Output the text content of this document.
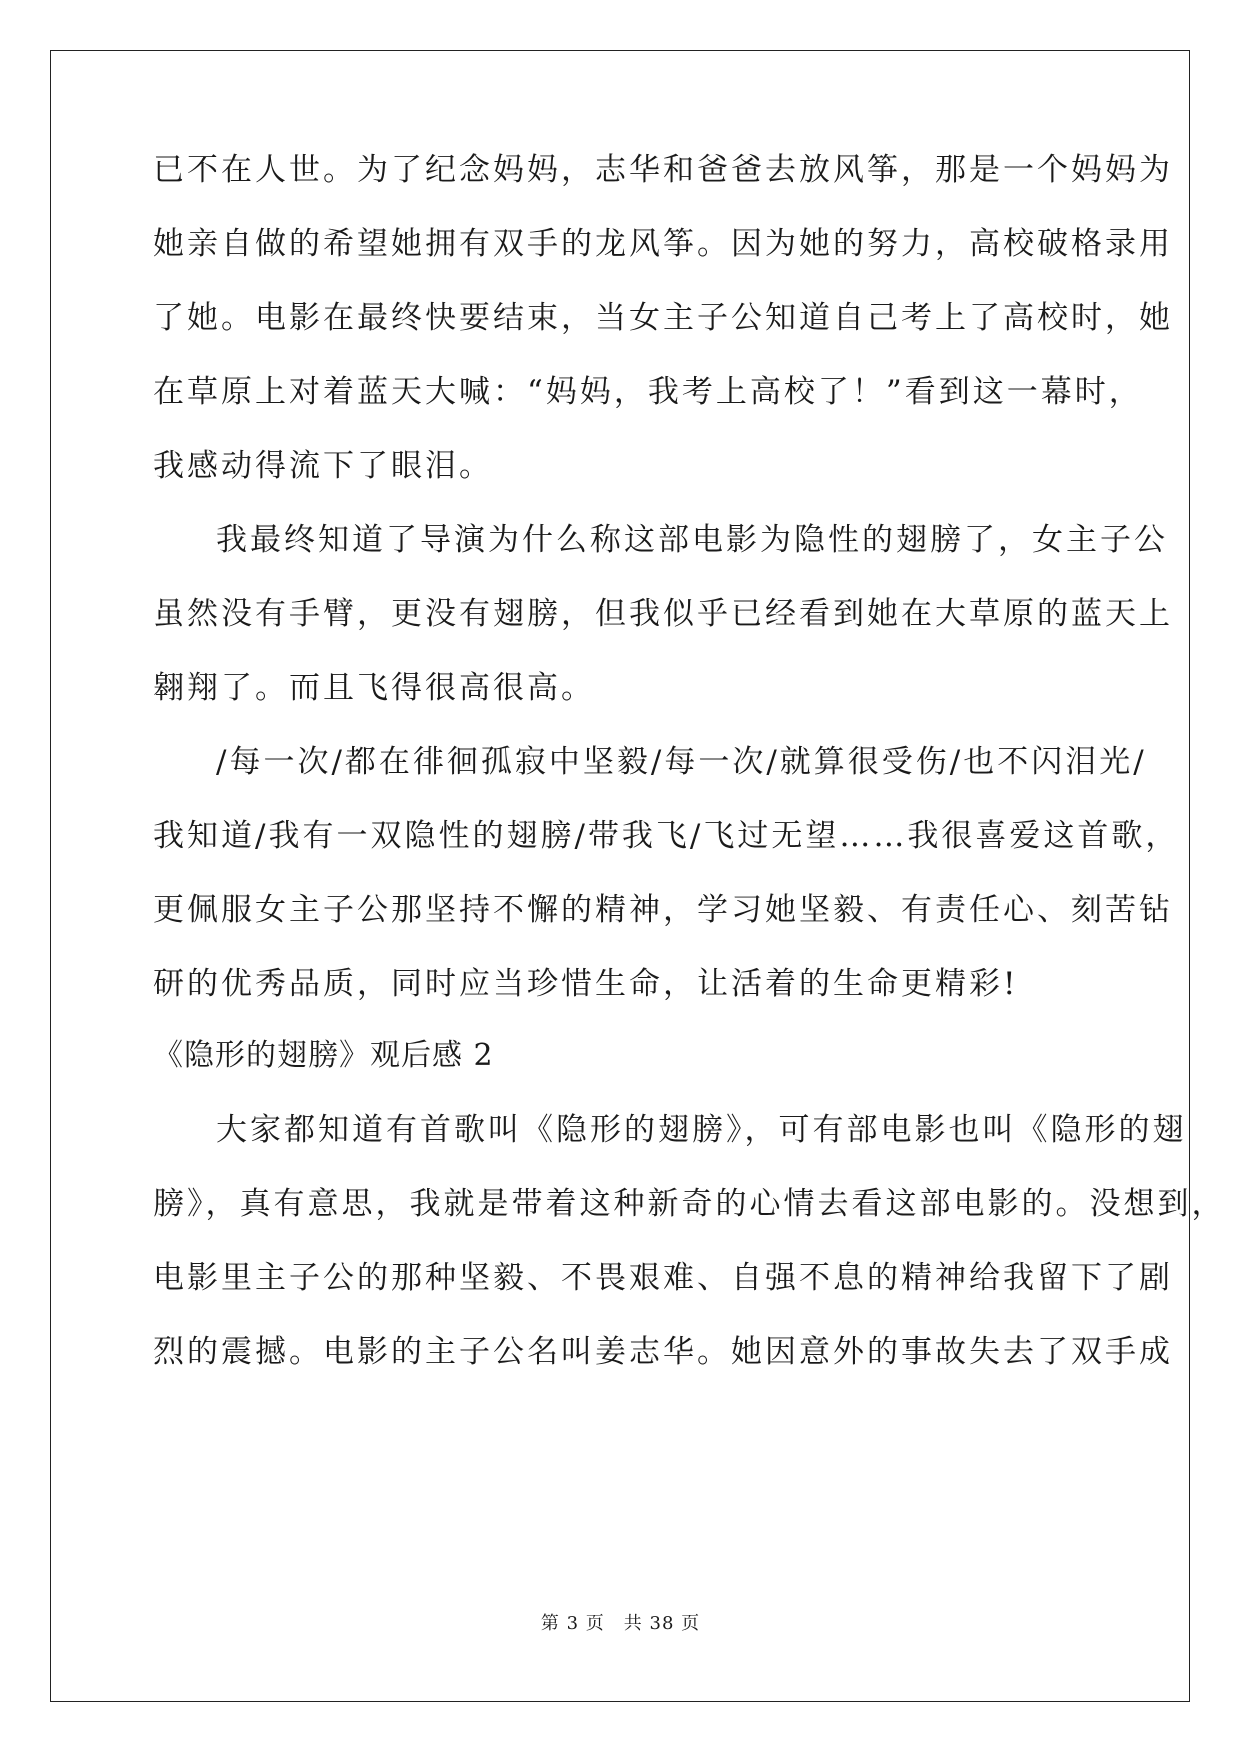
已不在人世。为了纪念妈妈，志华和爸爸去放风筝，那是一个妈妈为
她亲自做的希望她拥有双手的龙风筝。因为她的努力，高校破格录用
了她。电影在最终快要结束，当女主子公知道自己考上了高校时，她
在草原上对着蓝天大喊：“妈妈，我考上高校了！”看到这一幕时，
我感动得流下了眼泪。
我最终知道了导演为什么称这部电影为隐性的翅膀了，女主子公
虽然没有手臂，更没有翅膀，但我似乎已经看到她在大草原的蓝天上
翱翔了。而且飞得很高很高。
/每一次/都在徘徊孤寂中坚毅/每一次/就算很受伤/也不闪泪光/
我知道/我有一双隐性的翅膀/带我飞/飞过无望……我很喜爱这首歌，
更佩服女主子公那坚持不懈的精神，学习她坚毅、有责任心、刻苦钻
研的优秀品质，同时应当珍惜生命，让活着的生命更精彩!
《隐形的翅膀》观后感 2
大家都知道有首歌叫《隐形的翅膀》，可有部电影也叫《隐形的翅
膀》，真有意思，我就是带着这种新奇的心情去看这部电影的。没想到，
电影里主子公的那种坚毅、不畏艰难、自强不息的精神给我留下了剧
烈的震撼。电影的主子公名叫姜志华。她因意外的事故失去了双手成
第 3 页　共 38 页
